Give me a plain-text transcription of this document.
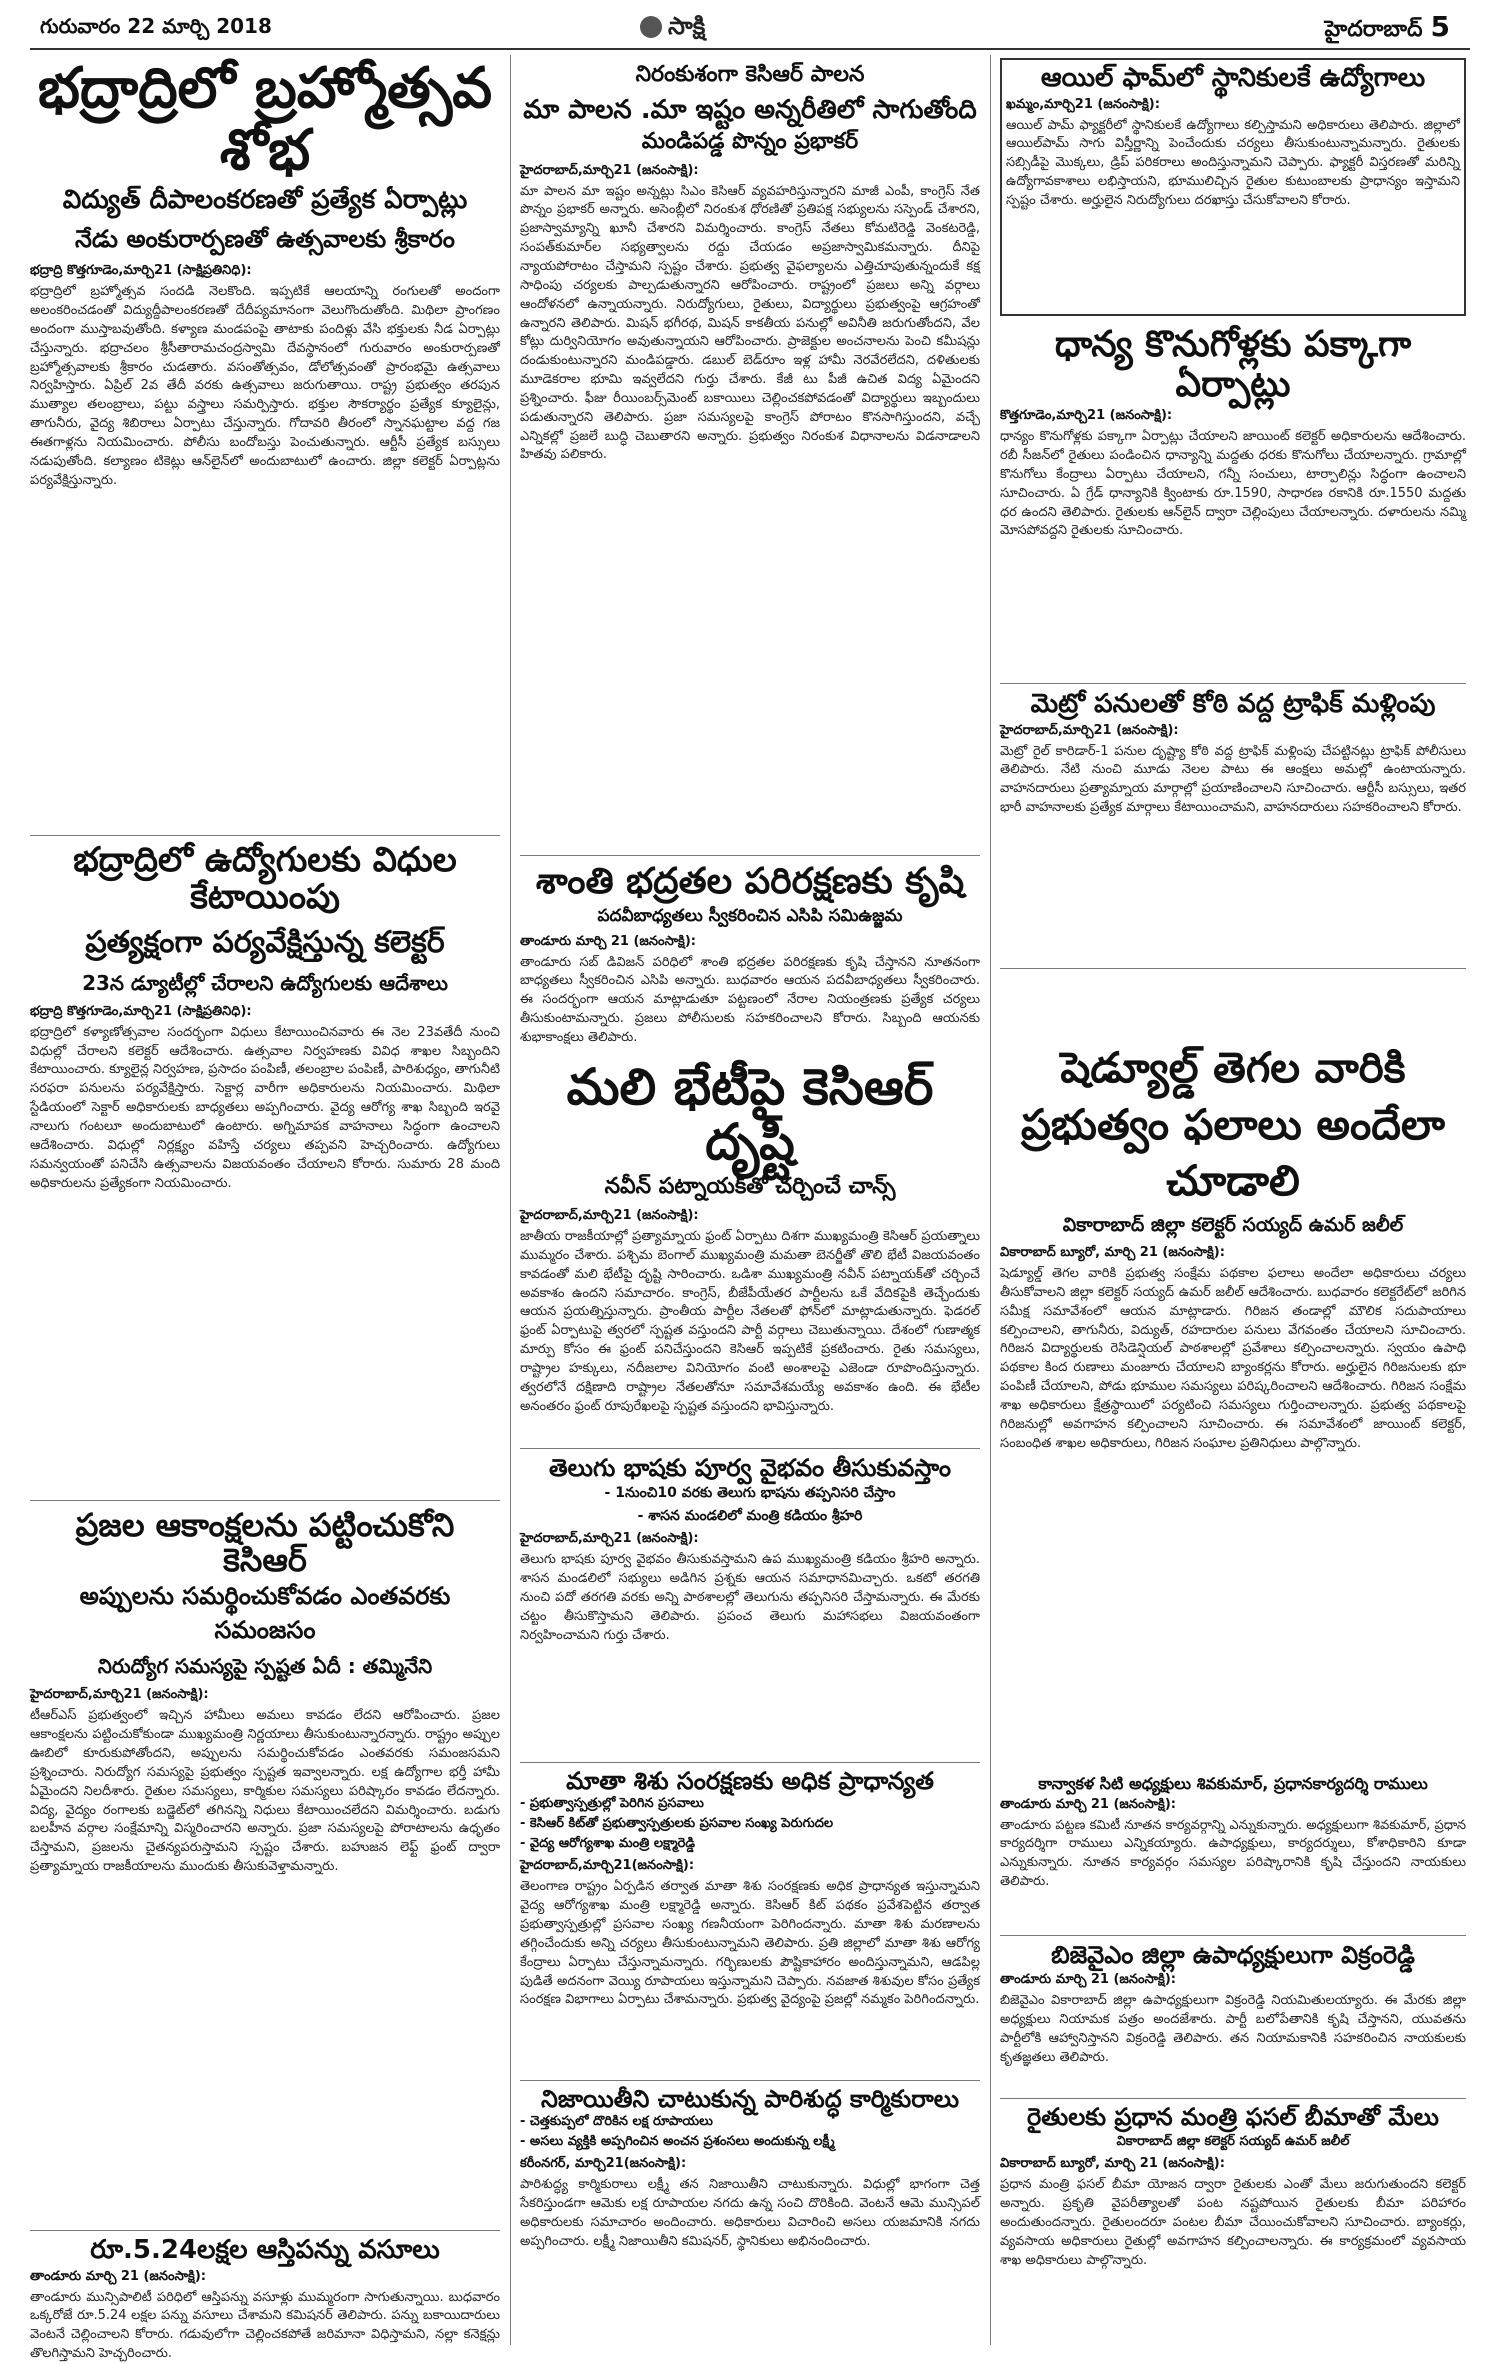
గురువారం 22 మార్చి 2018	సాక్షి	హైదరాబాద్ 5
భద్రాద్రిలో బ్రహ్మోత్సవ శోభ
విద్యుత్ దీపాలంకరణతో ప్రత్యేక ఏర్పాట్లు
నేడు అంకురార్పణతో ఉత్సవాలకు శ్రీకారం
భద్రాద్రి కొత్తగూడెం,మార్చి21 (సాక్షిప్రతినిధి):

భద్రాద్రిలో బ్రహ్మోత్సవ సందడి నెలకొంది. ఇప్పటికే ఆలయాన్ని రంగులతో అందంగా అలంకరించడంతో విద్యుద్దీపాలంకరణతో దేదీప్యమానంగా వెలుగొందుతోంది. మిథిలా ప్రాంగణం అందంగా ముస్తాబవుతోంది. కళ్యాణ మండపంపై తాటాకు పందిళ్లు వేసి భక్తులకు నీడ ఏర్పాట్లు చేస్తున్నారు. భద్రాచలం శ్రీసీతారామచంద్రస్వామి దేవస్థానంలో గురువారం అంకురార్పణతో బ్రహ్మోత్సవాలకు శ్రీకారం చుడతారు. వసంతోత్సవం, డోలోత్సవంతో ప్రారంభమై ఉత్సవాలు నిర్వహిస్తారు. ఏప్రిల్ 2వ తేదీ వరకు ఉత్సవాలు జరుగుతాయి. రాష్ట్ర ప్రభుత్వం తరపున ముత్యాల తలంబ్రాలు, పట్టు వస్త్రాలు సమర్పిస్తారు. భక్తుల సౌకర్యార్థం ప్రత్యేక క్యూలైన్లు, తాగునీరు, వైద్య శిబిరాలు ఏర్పాటు చేస్తున్నారు. గోదావరి తీరంలో స్నానఘట్టాల వద్ద గజ ఈతగాళ్లను నియమించారు. పోలీసు బందోబస్తు పెంచుతున్నారు. ఆర్టీసీ ప్రత్యేక బస్సులు నడుపుతోంది. కల్యాణం టికెట్లు ఆన్‌లైన్‌లో అందుబాటులో ఉంచారు. జిల్లా కలెక్టర్ ఏర్పాట్లను పర్యవేక్షిస్తున్నారు.

భద్రాద్రిలో ఉద్యోగులకు విధుల కేటాయింపు
ప్రత్యక్షంగా పర్యవేక్షిస్తున్న కలెక్టర్
23న డ్యూటీల్లో చేరాలని ఉద్యోగులకు ఆదేశాలు
భద్రాద్రి కొత్తగూడెం,మార్చి21 (సాక్షిప్రతినిధి):

భద్రాద్రిలో కళ్యాణోత్సవాల సందర్భంగా విధులు కేటాయించినవారు ఈ నెల 23వతేదీ నుంచి విధుల్లో చేరాలని కలెక్టర్ ఆదేశించారు. ఉత్సవాల నిర్వహణకు వివిధ శాఖల సిబ్బందిని కేటాయించారు. క్యూలైన్ల నిర్వహణ, ప్రసాదం పంపిణీ, తలంబ్రాల పంపిణీ, పారిశుధ్యం, తాగునీటి సరఫరా పనులను పర్యవేక్షిస్తారు. సెక్టార్ల వారీగా అధికారులను నియమించారు. మిథిలా స్టేడియంలో సెక్టార్ అధికారులకు బాధ్యతలు అప్పగించారు. వైద్య ఆరోగ్య శాఖ సిబ్బంది ఇరవై నాలుగు గంటలూ అందుబాటులో ఉంటారు. అగ్నిమాపక వాహనాలు సిద్ధంగా ఉంచాలని ఆదేశించారు. విధుల్లో నిర్లక్ష్యం వహిస్తే చర్యలు తప్పవని హెచ్చరించారు. ఉద్యోగులు సమన్వయంతో పనిచేసి ఉత్సవాలను విజయవంతం చేయాలని కోరారు. సుమారు 28 మంది అధికారులను ప్రత్యేకంగా నియమించారు.

ప్రజల ఆకాంక్షలను పట్టించుకోని కెసిఆర్
అప్పులను సమర్థించుకోవడం ఎంతవరకు సమంజసం
నిరుద్యోగ సమస్యపై స్పష్టత ఏదీ : తమ్మినేని
హైదరాబాద్,మార్చి21 (జనంసాక్షి):

టీఆర్‌ఎస్ ప్రభుత్వంలో ఇచ్చిన హామీలు అమలు కావడం లేదని ఆరోపించారు. ప్రజల ఆకాంక్షలను పట్టించుకోకుండా ముఖ్యమంత్రి నిర్ణయాలు తీసుకుంటున్నారన్నారు. రాష్ట్రం అప్పుల ఊబిలో కూరుకుపోతోందని, అప్పులను సమర్థించుకోవడం ఎంతవరకు సమంజసమని ప్రశ్నించారు. నిరుద్యోగ సమస్యపై ప్రభుత్వం స్పష్టత ఇవ్వాలన్నారు. లక్ష ఉద్యోగాల భర్తీ హామీ ఏమైందని నిలదీశారు. రైతుల సమస్యలు, కార్మికుల సమస్యలు పరిష్కారం కావడం లేదన్నారు. విద్య, వైద్యం రంగాలకు బడ్జెట్‌లో తగినన్ని నిధులు కేటాయించలేదని విమర్శించారు. బడుగు బలహీన వర్గాల సంక్షేమాన్ని విస్మరించారని అన్నారు. ప్రజా సమస్యలపై పోరాటాలను ఉధృతం చేస్తామని, ప్రజలను చైతన్యపరుస్తామని స్పష్టం చేశారు. బహుజన లెఫ్ట్ ఫ్రంట్ ద్వారా ప్రత్యామ్నాయ రాజకీయాలను ముందుకు తీసుకువెళ్తామన్నారు.

రూ.5.24లక్షల ఆస్తిపన్ను వసూలు
తాండూరు మార్చి 21 (జనంసాక్షి):

తాండూరు మున్సిపాలిటీ పరిధిలో ఆస్తిపన్ను వసూళ్లు ముమ్మరంగా సాగుతున్నాయి. బుధవారం ఒక్కరోజే రూ.5.24 లక్షల పన్ను వసూలు చేశామని కమిషనర్ తెలిపారు. పన్ను బకాయిదారులు వెంటనే చెల్లించాలని కోరారు. గడువులోగా చెల్లించకపోతే జరిమానా విధిస్తామని, నల్లా కనెక్షన్లు తొలగిస్తామని హెచ్చరించారు.

నిరంకుశంగా కెసిఆర్ పాలన
మా పాలన .మా ఇష్టం అన్నరీతిలో సాగుతోంది
మండిపడ్డ పొన్నం ప్రభాకర్
హైదరాబాద్,మార్చి21 (జనంసాక్షి):

మా పాలన మా ఇష్టం అన్నట్లు సిఎం కెసిఆర్ వ్యవహరిస్తున్నారని మాజీ ఎంపీ, కాంగ్రెస్ నేత పొన్నం ప్రభాకర్ అన్నారు. అసెంబ్లీలో నిరంకుశ ధోరణితో ప్రతిపక్ష సభ్యులను సస్పెండ్ చేశారని, ప్రజాస్వామ్యాన్ని ఖూనీ చేశారని విమర్శించారు. కాంగ్రెస్ నేతలు కోమటిరెడ్డి వెంకటరెడ్డి, సంపత్‌కుమార్‌ల సభ్యత్వాలను రద్దు చేయడం అప్రజాస్వామికమన్నారు. దీనిపై న్యాయపోరాటం చేస్తామని స్పష్టం చేశారు. ప్రభుత్వ వైఫల్యాలను ఎత్తిచూపుతున్నందుకే కక్ష సాధింపు చర్యలకు పాల్పడుతున్నారని ఆరోపించారు. రాష్ట్రంలో ప్రజలు అన్ని వర్గాలు ఆందోళనలో ఉన్నాయన్నారు. నిరుద్యోగులు, రైతులు, విద్యార్థులు ప్రభుత్వంపై ఆగ్రహంతో ఉన్నారని తెలిపారు. మిషన్ భగీరథ, మిషన్ కాకతీయ పనుల్లో అవినీతి జరుగుతోందని, వేల కోట్లు దుర్వినియోగం అవుతున్నాయని ఆరోపించారు. ప్రాజెక్టుల అంచనాలను పెంచి కమీషన్లు దండుకుంటున్నారని మండిపడ్డారు. డబుల్ బెడ్‌రూం ఇళ్ల హామీ నెరవేరలేదని, దళితులకు మూడెకరాల భూమి ఇవ్వలేదని గుర్తు చేశారు. కేజీ టు పీజీ ఉచిత విద్య ఏమైందని ప్రశ్నించారు. ఫీజు రీయింబర్స్‌మెంట్ బకాయిలు చెల్లించకపోవడంతో విద్యార్థులు ఇబ్బందులు పడుతున్నారని తెలిపారు. ప్రజా సమస్యలపై కాంగ్రెస్ పోరాటం కొనసాగిస్తుందని, వచ్చే ఎన్నికల్లో ప్రజలే బుద్ధి చెబుతారని అన్నారు. ప్రభుత్వం నిరంకుశ విధానాలను విడనాడాలని హితవు పలికారు.

శాంతి భద్రతల పరిరక్షణకు కృషి
పదవీబాధ్యతలు స్వీకరించిన ఎసిపి సమిఉజ్జమ
తాండూరు మార్చి 21 (జనంసాక్షి):

తాండూరు సబ్ డివిజన్ పరిధిలో శాంతి భద్రతల పరిరక్షణకు కృషి చేస్తానని నూతనంగా బాధ్యతలు స్వీకరించిన ఎసిపి అన్నారు. బుధవారం ఆయన పదవీబాధ్యతలు స్వీకరించారు. ఈ సందర్భంగా ఆయన మాట్లాడుతూ పట్టణంలో నేరాల నియంత్రణకు ప్రత్యేక చర్యలు తీసుకుంటామన్నారు. ప్రజలు పోలీసులకు సహకరించాలని కోరారు. సిబ్బంది ఆయనకు శుభాకాంక్షలు తెలిపారు.

మలి భేటీపై కెసిఆర్ దృష్టి
నవీన్ పట్నాయక్‌తో చర్చించే చాన్స్
హైదరాబాద్,మార్చి21 (జనంసాక్షి):

జాతీయ రాజకీయాల్లో ప్రత్యామ్నాయ ఫ్రంట్ ఏర్పాటు దిశగా ముఖ్యమంత్రి కెసిఆర్ ప్రయత్నాలు ముమ్మరం చేశారు. పశ్చిమ బెంగాల్ ముఖ్యమంత్రి మమతా బెనర్జీతో తొలి భేటీ విజయవంతం కావడంతో మలి భేటీపై దృష్టి సారించారు. ఒడిశా ముఖ్యమంత్రి నవీన్ పట్నాయక్‌తో చర్చించే అవకాశం ఉందని సమాచారం. కాంగ్రెస్, బీజేపీయేతర పార్టీలను ఒకే వేదికపైకి తెచ్చేందుకు ఆయన ప్రయత్నిస్తున్నారు. ప్రాంతీయ పార్టీల నేతలతో ఫోన్‌లో మాట్లాడుతున్నారు. ఫెడరల్ ఫ్రంట్ ఏర్పాటుపై త్వరలో స్పష్టత వస్తుందని పార్టీ వర్గాలు చెబుతున్నాయి. దేశంలో గుణాత్మక మార్పు కోసం ఈ ఫ్రంట్ పనిచేస్తుందని కెసిఆర్ ఇప్పటికే ప్రకటించారు. రైతు సమస్యలు, రాష్ట్రాల హక్కులు, నదీజలాల వినియోగం వంటి అంశాలపై ఎజెండా రూపొందిస్తున్నారు. త్వరలోనే దక్షిణాది రాష్ట్రాల నేతలతోనూ సమావేశమయ్యే అవకాశం ఉంది. ఈ భేటీల అనంతరం ఫ్రంట్ రూపురేఖలపై స్పష్టత వస్తుందని భావిస్తున్నారు.

తెలుగు భాషకు పూర్వ వైభవం తీసుకువస్తాం
- 1నుంచి10 వరకు తెలుగు భాషను తప్పనిసరి చేస్తాం
- శాసన మండలిలో మంత్రి కడియం శ్రీహరి
హైదరాబాద్,మార్చి21 (జనంసాక్షి):

తెలుగు భాషకు పూర్వ వైభవం తీసుకువస్తామని ఉప ముఖ్యమంత్రి కడియం శ్రీహరి అన్నారు. శాసన మండలిలో సభ్యులు అడిగిన ప్రశ్నకు ఆయన సమాధానమిచ్చారు. ఒకటో తరగతి నుంచి పదో తరగతి వరకు అన్ని పాఠశాలల్లో తెలుగును తప్పనిసరి చేస్తామన్నారు. ఈ మేరకు చట్టం తీసుకొస్తామని తెలిపారు. ప్రపంచ తెలుగు మహాసభలు విజయవంతంగా నిర్వహించామని గుర్తు చేశారు.

మాతా శిశు సంరక్షణకు అధిక ప్రాధాన్యత
- ప్రభుత్వాస్పత్రుల్లో పెరిగిన ప్రసవాలు
- కెసిఆర్ కిట్‌తో ప్రభుత్వాస్పత్రులకు ప్రసవాల సంఖ్య పెరుగుదల
- వైద్య ఆరోగ్యశాఖ మంత్రి లక్ష్మారెడ్డి
హైదరాబాద్,మార్చి21(జనంసాక్షి):

తెలంగాణ రాష్ట్రం ఏర్పడిన తర్వాత మాతా శిశు సంరక్షణకు అధిక ప్రాధాన్యత ఇస్తున్నామని వైద్య ఆరోగ్యశాఖ మంత్రి లక్ష్మారెడ్డి అన్నారు. కెసిఆర్ కిట్ పథకం ప్రవేశపెట్టిన తర్వాత ప్రభుత్వాస్పత్రుల్లో ప్రసవాల సంఖ్య గణనీయంగా పెరిగిందన్నారు. మాతా శిశు మరణాలను తగ్గించేందుకు అన్ని చర్యలు తీసుకుంటున్నామని తెలిపారు. ప్రతి జిల్లాలో మాతా శిశు ఆరోగ్య కేంద్రాలు ఏర్పాటు చేస్తున్నామన్నారు. గర్భిణులకు పౌష్టికాహారం అందిస్తున్నామని, ఆడపిల్ల పుడితే అదనంగా వెయ్యి రూపాయలు ఇస్తున్నామని చెప్పారు. నవజాత శిశువుల కోసం ప్రత్యేక సంరక్షణ విభాగాలు ఏర్పాటు చేశామన్నారు. ప్రభుత్వ వైద్యంపై ప్రజల్లో నమ్మకం పెరిగిందన్నారు.

నిజాయితీని చాటుకున్న పారిశుద్ధ కార్మికురాలు
- చెత్తకుప్పలో దొరికిన లక్ష రూపాయలు
- అసలు వ్యక్తికి అప్పగించిన అంచన ప్రశంసలు అందుకున్న లక్ష్మీ
కరీంనగర్, మార్చి21(జనంసాక్షి):

పారిశుద్ధ్య కార్మికురాలు లక్ష్మీ తన నిజాయితీని చాటుకున్నారు. విధుల్లో భాగంగా చెత్త సేకరిస్తుండగా ఆమెకు లక్ష రూపాయల నగదు ఉన్న సంచి దొరికింది. వెంటనే ఆమె మున్సిపల్ అధికారులకు సమాచారం అందించారు. అధికారులు విచారించి అసలు యజమానికి నగదు అప్పగించారు. లక్ష్మీ నిజాయితీని కమిషనర్, స్థానికులు అభినందించారు.

ఆయిల్ ఫామ్‌లో స్థానికులకే ఉద్యోగాలు
ఖమ్మం,మార్చి21 (జనంసాక్షి):

ఆయిల్ పామ్ ఫ్యాక్టరీలో స్థానికులకే ఉద్యోగాలు కల్పిస్తామని అధికారులు తెలిపారు. జిల్లాలో ఆయిల్‌పామ్ సాగు విస్తీర్ణాన్ని పెంచేందుకు చర్యలు తీసుకుంటున్నామన్నారు. రైతులకు సబ్సిడీపై మొక్కలు, డ్రిప్ పరికరాలు అందిస్తున్నామని చెప్పారు. ఫ్యాక్టరీ విస్తరణతో మరిన్ని ఉద్యోగావకాశాలు లభిస్తాయని, భూములిచ్చిన రైతుల కుటుంబాలకు ప్రాధాన్యం ఇస్తామని స్పష్టం చేశారు. అర్హులైన నిరుద్యోగులు దరఖాస్తు చేసుకోవాలని కోరారు.

ధాన్య కొనుగోళ్లకు పక్కాగా ఏర్పాట్లు
కొత్తగూడెం,మార్చి21 (జనంసాక్షి):

ధాన్యం కొనుగోళ్లకు పక్కాగా ఏర్పాట్లు చేయాలని జాయింట్ కలెక్టర్ అధికారులను ఆదేశించారు. రబీ సీజన్‌లో రైతులు పండించిన ధాన్యాన్ని మద్దతు ధరకు కొనుగోలు చేయాలన్నారు. గ్రామాల్లో కొనుగోలు కేంద్రాలు ఏర్పాటు చేయాలని, గన్నీ సంచులు, టార్పాలిన్లు సిద్ధంగా ఉంచాలని సూచించారు. ఏ గ్రేడ్ ధాన్యానికి క్వింటాకు రూ.1590, సాధారణ రకానికి రూ.1550 మద్దతు ధర ఉందని తెలిపారు. రైతులకు ఆన్‌లైన్ ద్వారా చెల్లింపులు చేయాలన్నారు. దళారులను నమ్మి మోసపోవద్దని రైతులకు సూచించారు.

మెట్రో పనులతో కోఠి వద్ద ట్రాఫిక్ మళ్లింపు
హైదరాబాద్,మార్చి21 (జనంసాక్షి):

మెట్రో రైల్ కారిడార్-1 పనుల దృష్ట్యా కోఠి వద్ద ట్రాఫిక్ మళ్లింపు చేపట్టినట్లు ట్రాఫిక్ పోలీసులు తెలిపారు. నేటి నుంచి మూడు నెలల పాటు ఈ ఆంక్షలు అమల్లో ఉంటాయన్నారు. వాహనదారులు ప్రత్యామ్నాయ మార్గాల్లో ప్రయాణించాలని సూచించారు. ఆర్టీసీ బస్సులు, ఇతర భారీ వాహనాలకు ప్రత్యేక మార్గాలు కేటాయించామని, వాహనదారులు సహకరించాలని కోరారు.

షెడ్యూల్డ్ తెగల వారికి ప్రభుత్వం ఫలాలు అందేలా చూడాలి
వికారాబాద్ జిల్లా కలెక్టర్ సయ్యద్ ఉమర్ జలీల్
వికారాబాద్ బ్యూరో, మార్చి 21 (జనంసాక్షి):

షెడ్యూల్డ్ తెగల వారికి ప్రభుత్వ సంక్షేమ పథకాల ఫలాలు అందేలా అధికారులు చర్యలు తీసుకోవాలని జిల్లా కలెక్టర్ సయ్యద్ ఉమర్ జలీల్ ఆదేశించారు. బుధవారం కలెక్టరేట్‌లో జరిగిన సమీక్ష సమావేశంలో ఆయన మాట్లాడారు. గిరిజన తండాల్లో మౌలిక సదుపాయాలు కల్పించాలని, తాగునీరు, విద్యుత్, రహదారుల పనులు వేగవంతం చేయాలని సూచించారు. గిరిజన విద్యార్థులకు రెసిడెన్షియల్ పాఠశాలల్లో ప్రవేశాలు కల్పించాలన్నారు. స్వయం ఉపాధి పథకాల కింద రుణాలు మంజూరు చేయాలని బ్యాంకర్లను కోరారు. అర్హులైన గిరిజనులకు భూ పంపిణీ చేయాలని, పోడు భూముల సమస్యలు పరిష్కరించాలని ఆదేశించారు. గిరిజన సంక్షేమ శాఖ అధికారులు క్షేత్రస్థాయిలో పర్యటించి సమస్యలు గుర్తించాలన్నారు. ప్రభుత్వ పథకాలపై గిరిజనుల్లో అవగాహన కల్పించాలని సూచించారు. ఈ సమావేశంలో జాయింట్ కలెక్టర్, సంబంధిత శాఖల అధికారులు, గిరిజన సంఘాల ప్రతినిధులు పాల్గొన్నారు.

కాన్వాకళ సిటి అధ్యక్షులు శివకుమార్, ప్రధానకార్యదర్శి రాములు
తాండూరు మార్చి 21 (జనంసాక్షి):

తాండూరు పట్టణ కమిటీ నూతన కార్యవర్గాన్ని ఎన్నుకున్నారు. అధ్యక్షులుగా శివకుమార్, ప్రధాన కార్యదర్శిగా రాములు ఎన్నికయ్యారు. ఉపాధ్యక్షులు, కార్యదర్శులు, కోశాధికారిని కూడా ఎన్నుకున్నారు. నూతన కార్యవర్గం సమస్యల పరిష్కారానికి కృషి చేస్తుందని నాయకులు తెలిపారు.

బిజెవైఎం జిల్లా ఉపాధ్యక్షులుగా విక్రంరెడ్డి
తాండూరు మార్చి 21 (జనంసాక్షి):

బిజెవైఎం వికారాబాద్ జిల్లా ఉపాధ్యక్షులుగా విక్రంరెడ్డి నియమితులయ్యారు. ఈ మేరకు జిల్లా అధ్యక్షులు నియామక పత్రం అందజేశారు. పార్టీ బలోపేతానికి కృషి చేస్తానని, యువతను పార్టీలోకి ఆహ్వానిస్తానని విక్రంరెడ్డి తెలిపారు. తన నియామకానికి సహకరించిన నాయకులకు కృతజ్ఞతలు తెలిపారు.

రైతులకు ప్రధాన మంత్రి ఫసల్ బీమాతో మేలు
వికారాబాద్ జిల్లా కలెక్టర్ సయ్యద్ ఉమర్ జలీల్
వికారాబాద్ బ్యూరో, మార్చి 21 (జనంసాక్షి):

ప్రధాన మంత్రి ఫసల్ బీమా యోజన ద్వారా రైతులకు ఎంతో మేలు జరుగుతుందని కలెక్టర్ అన్నారు. ప్రకృతి వైపరీత్యాలతో పంట నష్టపోయిన రైతులకు బీమా పరిహారం అందుతుందన్నారు. రైతులందరూ పంటల బీమా చేయించుకోవాలని సూచించారు. బ్యాంకర్లు, వ్యవసాయ అధికారులు రైతుల్లో అవగాహన కల్పించాలన్నారు. ఈ కార్యక్రమంలో వ్యవసాయ శాఖ అధికారులు పాల్గొన్నారు.
